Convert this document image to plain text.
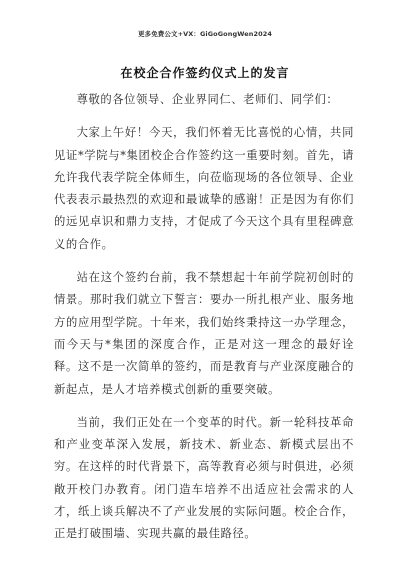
更多免费公文+VX：GiGoGongWen2024
在校企合作签约仪式上的发言

尊敬的各位领导、企业界同仁、老师们、同学们：

大家上午好！今天，我们怀着无比喜悦的心情，共同见证*学院与*集团校企合作签约这一重要时刻。首先，请允许我代表学院全体师生，向莅临现场的各位领导、企业代表表示最热烈的欢迎和最诚挚的感谢！正是因为有你们的远见卓识和鼎力支持，才促成了今天这个具有里程碑意义的合作。

站在这个签约台前，我不禁想起十年前学院初创时的情景。那时我们就立下誓言：要办一所扎根产业、服务地方的应用型学院。十年来，我们始终秉持这一办学理念，而今天与*集团的深度合作，正是对这一理念的最好诠释。这不是一次简单的签约，而是教育与产业深度融合的新起点，是人才培养模式创新的重要突破。

当前，我们正处在一个变革的时代。新一轮科技革命和产业变革深入发展，新技术、新业态、新模式层出不穷。在这样的时代背景下，高等教育必须与时俱进，必须敞开校门办教育。闭门造车培养不出适应社会需求的人才，纸上谈兵解决不了产业发展的实际问题。校企合作，正是打破围墙、实现共赢的最佳路径。
